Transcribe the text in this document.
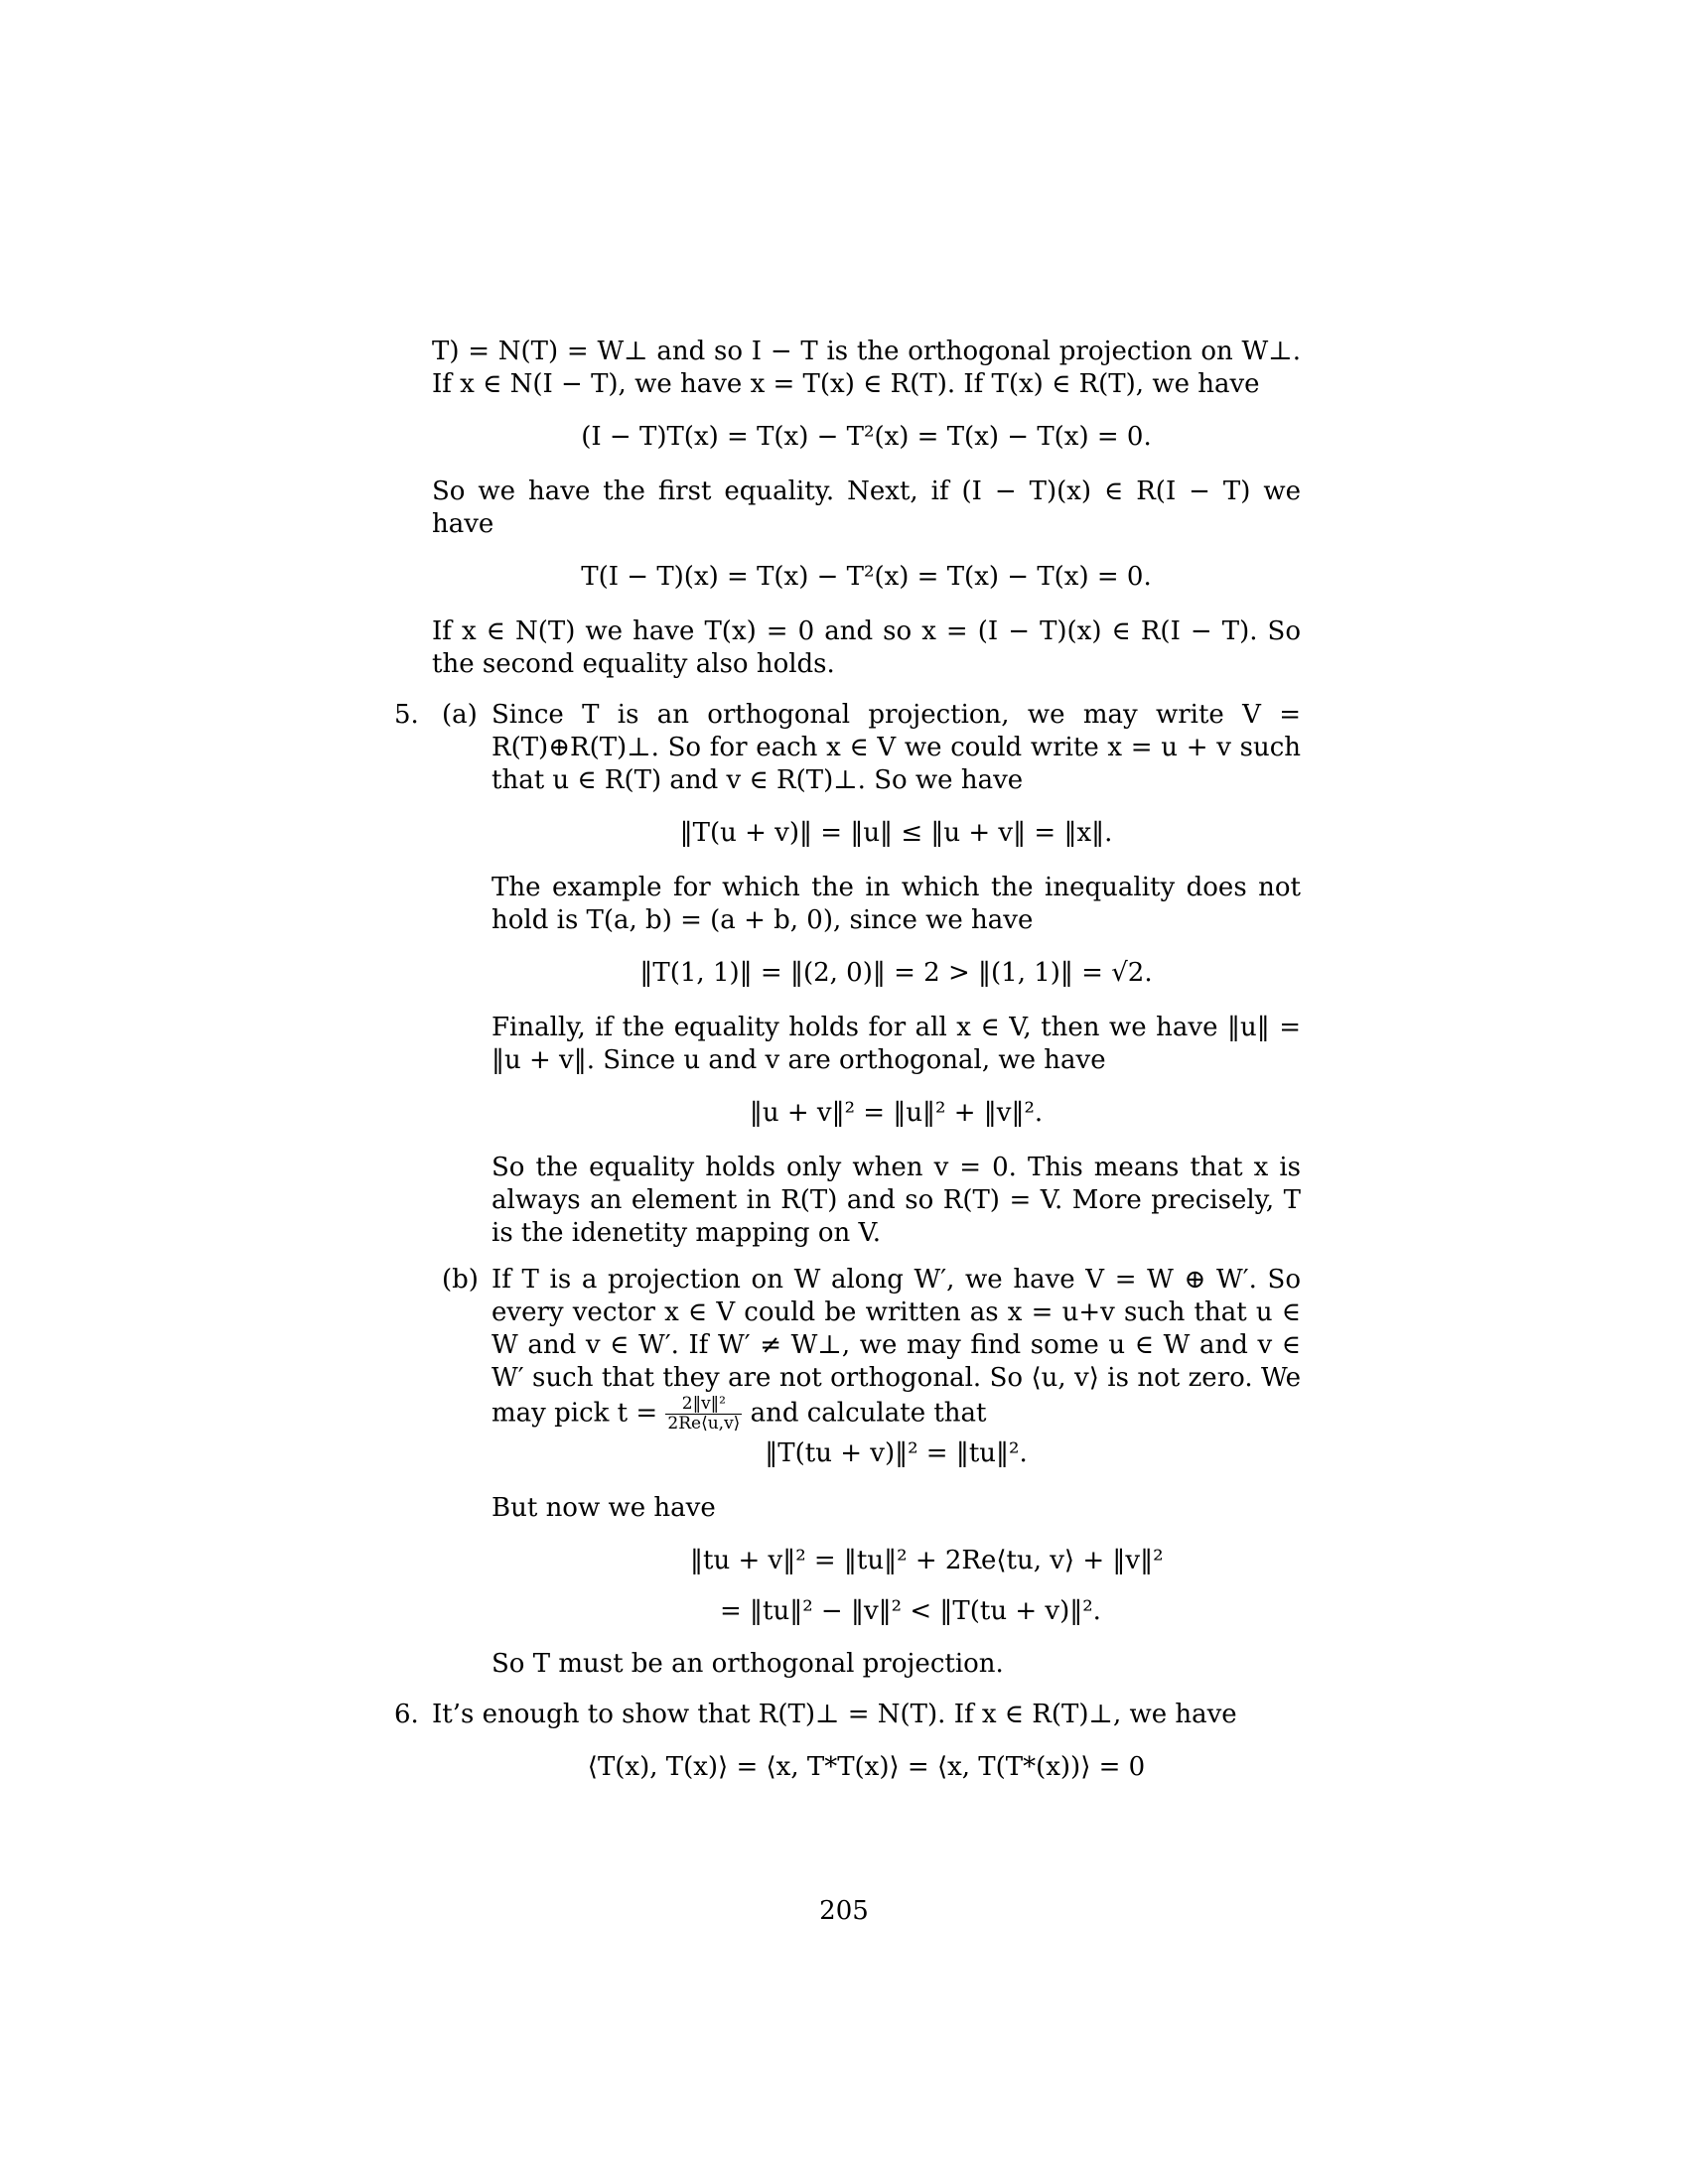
T) = N(T) = W⊥ and so I − T is the orthogonal projection on W⊥. If x ∈ N(I − T), we have x = T(x) ∈ R(T). If T(x) ∈ R(T), we have

(I − T)T(x) = T(x) − T²(x) = T(x) − T(x) = 0.

So we have the first equality. Next, if (I − T)(x) ∈ R(I − T) we have

T(I − T)(x) = T(x) − T²(x) = T(x) − T(x) = 0.

If x ∈ N(T) we have T(x) = 0 and so x = (I − T)(x) ∈ R(I − T). So the second equality also holds.

5. (a) Since T is an orthogonal projection, we may write V = R(T)⊕R(T)⊥. So for each x ∈ V we could write x = u + v such that u ∈ R(T) and v ∈ R(T)⊥. So we have

‖T(u + v)‖ = ‖u‖ ≤ ‖u + v‖ = ‖x‖.

The example for which the in which the inequality does not hold is T(a, b) = (a + b, 0), since we have

‖T(1, 1)‖ = ‖(2, 0)‖ = 2 > ‖(1, 1)‖ = √2.

Finally, if the equality holds for all x ∈ V, then we have ‖u‖ = ‖u + v‖. Since u and v are orthogonal, we have

‖u + v‖² = ‖u‖² + ‖v‖².

So the equality holds only when v = 0. This means that x is always an element in R(T) and so R(T) = V. More precisely, T is the idenetity mapping on V.

(b) If T is a projection on W along W′, we have V = W ⊕ W′. So every vector x ∈ V could be written as x = u+v such that u ∈ W and v ∈ W′. If W′ ≠ W⊥, we may find some u ∈ W and v ∈ W′ such that they are not orthogonal. So ⟨u, v⟩ is not zero. We may pick $t = \frac{\text{2‖v‖²}}{2Re⟨u,v⟩}$ and calculate that

‖T(tu + v)‖² = ‖tu‖².

But now we have

‖tu + v‖² = ‖tu‖² + 2Re⟨tu, v⟩ + ‖v‖²
= ‖tu‖² − ‖v‖² < ‖T(tu + v)‖².

So T must be an orthogonal projection.

6. It’s enough to show that R(T)⊥ = N(T). If x ∈ R(T)⊥, we have

⟨T(x), T(x)⟩ = ⟨x, T*T(x)⟩ = ⟨x, T(T*(x))⟩ = 0
205
